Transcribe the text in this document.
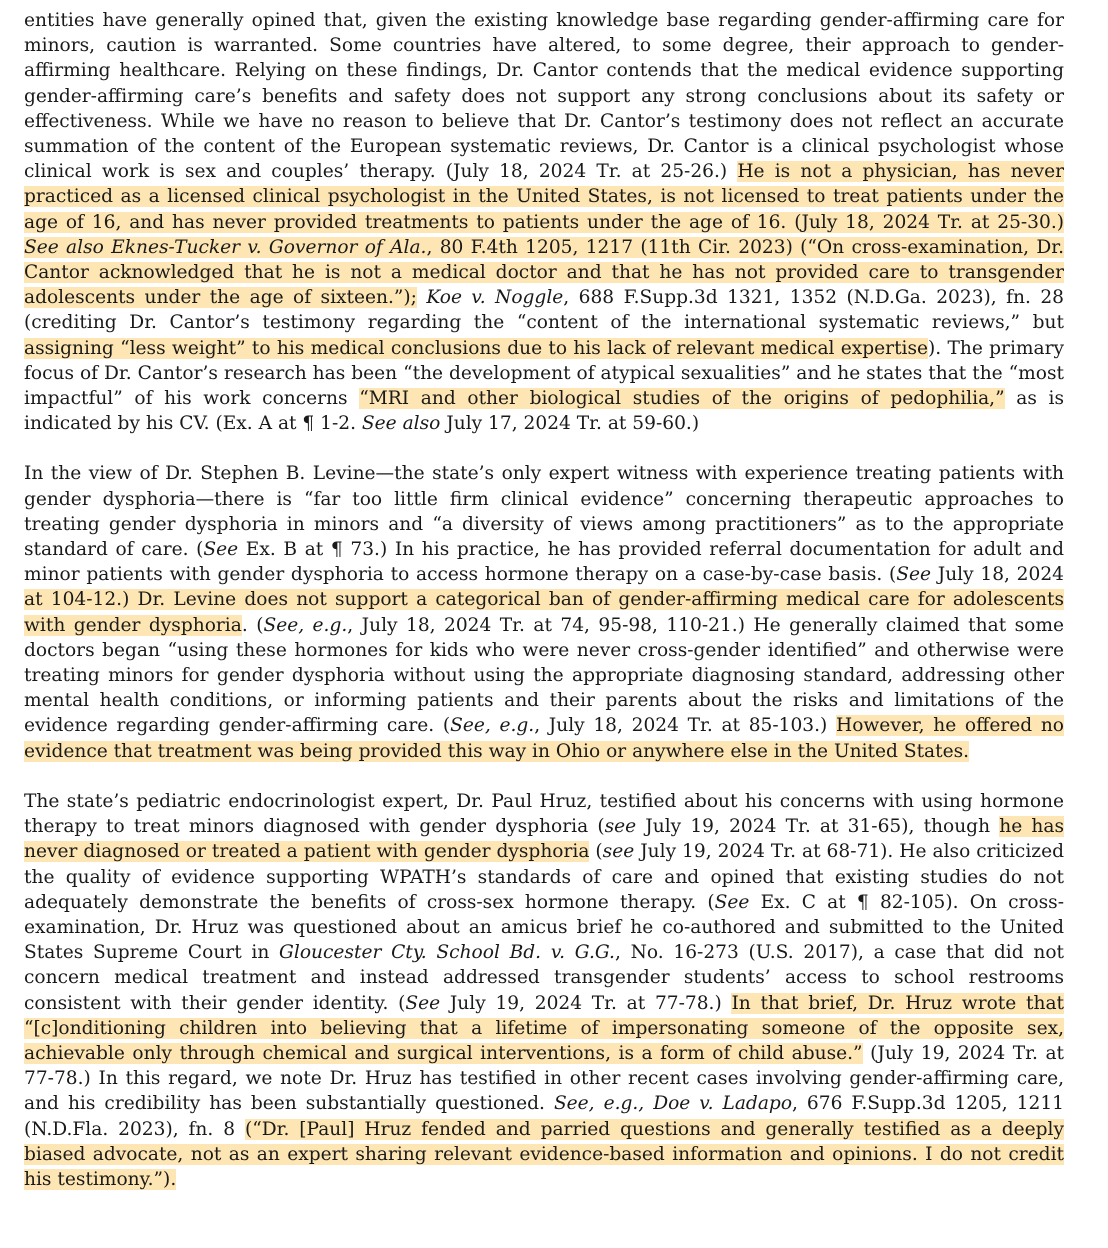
entities have generally opined that, given the existing knowledge base regarding gender-affirming care for minors, caution is warranted. Some countries have altered, to some degree, their approach to gender-affirming healthcare. Relying on these findings, Dr. Cantor contends that the medical evidence supporting gender-affirming care’s benefits and safety does not support any strong conclusions about its safety or effectiveness. While we have no reason to believe that Dr. Cantor’s testimony does not reflect an accurate summation of the content of the European systematic reviews, Dr. Cantor is a clinical psychologist whose clinical work is sex and couples’ therapy. (July 18, 2024 Tr. at 25-26.) He is not a physician, has never practiced as a licensed clinical psychologist in the United States, is not licensed to treat patients under the age of 16, and has never provided treatments to patients under the age of 16. (July 18, 2024 Tr. at 25-30.) See also Eknes-Tucker v. Governor of Ala., 80 F.4th 1205, 1217 (11th Cir. 2023) (“On cross-examination, Dr. Cantor acknowledged that he is not a medical doctor and that he has not provided care to transgender adolescents under the age of sixteen.”); Koe v. Noggle, 688 F.Supp.3d 1321, 1352 (N.D.Ga. 2023), fn. 28 (crediting Dr. Cantor’s testimony regarding the “content of the international systematic reviews,” but assigning “less weight” to his medical conclusions due to his lack of relevant medical expertise). The primary focus of Dr. Cantor’s research has been “the development of atypical sexualities” and he states that the “most impactful” of his work concerns “MRI and other biological studies of the origins of pedophilia,” as is indicated by his CV. (Ex. A at ¶ 1-2. See also July 17, 2024 Tr. at 59-60.)

In the view of Dr. Stephen B. Levine—the state’s only expert witness with experience treating patients with gender dysphoria—there is “far too little firm clinical evidence” concerning therapeutic approaches to treating gender dysphoria in minors and “a diversity of views among practitioners” as to the appropriate standard of care. (See Ex. B at ¶ 73.) In his practice, he has provided referral documentation for adult and minor patients with gender dysphoria to access hormone therapy on a case-by-case basis. (See July 18, 2024 at 104-12.) Dr. Levine does not support a categorical ban of gender-affirming medical care for adolescents with gender dysphoria. (See, e.g., July 18, 2024 Tr. at 74, 95-98, 110-21.) He generally claimed that some doctors began “using these hormones for kids who were never cross-gender identified” and otherwise were treating minors for gender dysphoria without using the appropriate diagnosing standard, addressing other mental health conditions, or informing patients and their parents about the risks and limitations of the evidence regarding gender-affirming care. (See, e.g., July 18, 2024 Tr. at 85-103.) However, he offered no evidence that treatment was being provided this way in Ohio or anywhere else in the United States.

The state’s pediatric endocrinologist expert, Dr. Paul Hruz, testified about his concerns with using hormone therapy to treat minors diagnosed with gender dysphoria (see July 19, 2024 Tr. at 31-65), though he has never diagnosed or treated a patient with gender dysphoria (see July 19, 2024 Tr. at 68-71). He also criticized the quality of evidence supporting WPATH’s standards of care and opined that existing studies do not adequately demonstrate the benefits of cross-sex hormone therapy. (See Ex. C at ¶ 82-105). On cross-examination, Dr. Hruz was questioned about an amicus brief he co-authored and submitted to the United States Supreme Court in Gloucester Cty. School Bd. v. G.G., No. 16-273 (U.S. 2017), a case that did not concern medical treatment and instead addressed transgender students’ access to school restrooms consistent with their gender identity. (See July 19, 2024 Tr. at 77-78.) In that brief, Dr. Hruz wrote that “[c]onditioning children into believing that a lifetime of impersonating someone of the opposite sex, achievable only through chemical and surgical interventions, is a form of child abuse.” (July 19, 2024 Tr. at 77-78.) In this regard, we note Dr. Hruz has testified in other recent cases involving gender-affirming care, and his credibility has been substantially questioned. See, e.g., Doe v. Ladapo, 676 F.Supp.3d 1205, 1211 (N.D.Fla. 2023), fn. 8 (“Dr. [Paul] Hruz fended and parried questions and generally testified as a deeply biased advocate, not as an expert sharing relevant evidence-based information and opinions. I do not credit his testimony.”).
